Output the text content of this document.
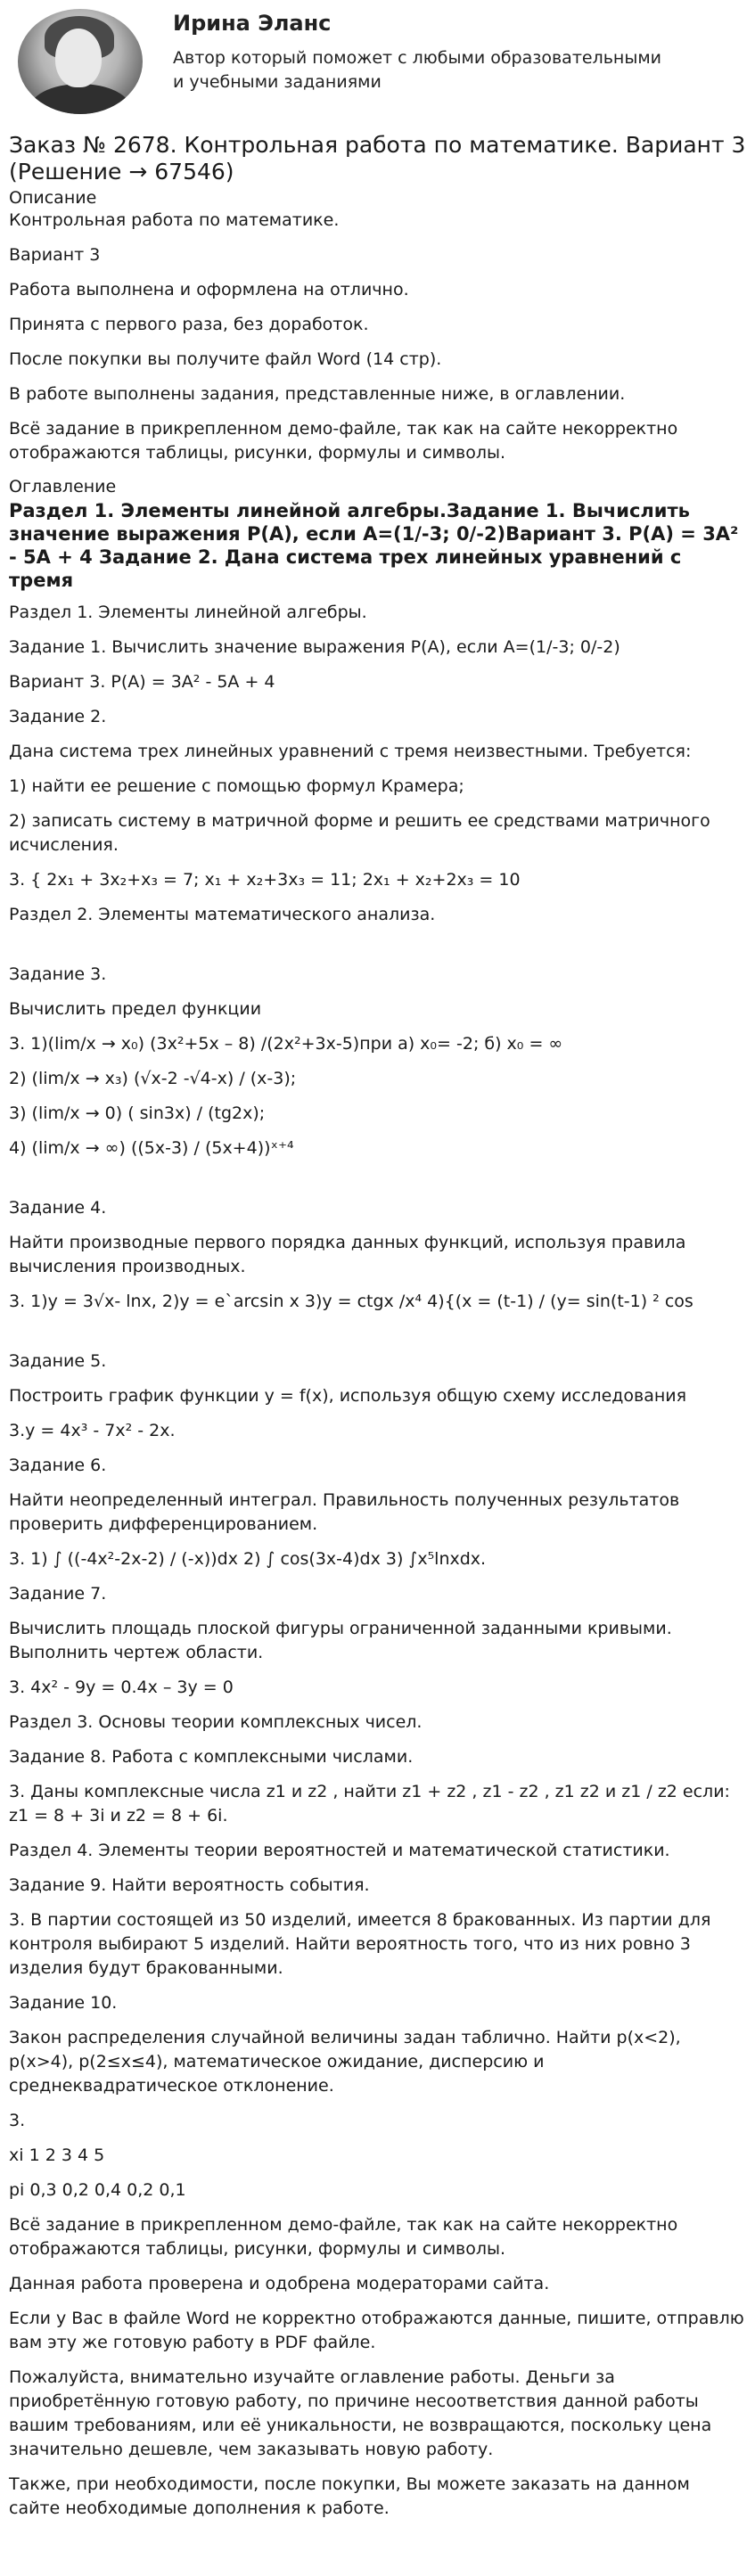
Ирина Эланс

Автор который поможет с любыми образовательными и учебными заданиями

Заказ № 2678. Контрольная работа по математике. Вариант 3 (Решение → 67546)
Описание

Контрольная работа по математике.

Вариант 3

Работа выполнена и оформлена на отлично.

Принята с первого раза, без доработок.

После покупки вы получите файл Word (14 стр).

В работе выполнены задания, представленные ниже, в оглавлении.

Всё задание в прикрепленном демо-файле, так как на сайте некорректно отображаются таблицы, рисунки, формулы и символы.

Оглавление
Раздел 1. Элементы линейной алгебры.Задание 1. Вычислить значение выражения P(A), если A=(1/-3; 0/-2)Вариант 3. P(A) = 3A² - 5A + 4 Задание 2. Дана система трех линейных уравнений с тремя

Раздел 1. Элементы линейной алгебры.

Задание 1. Вычислить значение выражения P(A), если A=(1/-3; 0/-2)

Вариант 3. P(A) = 3A² - 5A + 4

Задание 2.

Дана система трех линейных уравнений с тремя неизвестными. Требуется:

1) найти ее решение с помощью формул Крамера;

2) записать систему в матричной форме и решить ее средствами матричного исчисления.

3. { 2x₁ + 3x₂+x₃ = 7; x₁ + x₂+3x₃ = 11; 2x₁ + x₂+2x₃ = 10

Раздел 2. Элементы математического анализа.

Задание 3.

Вычислить предел функции

3. 1)(lim/x → x₀) (3x²+5x – 8) /(2x²+3x-5)при а) x₀= -2; б) x₀ = ∞

2) (lim/x → x₃) (√x-2 -√4-x) / (x-3);

3) (lim/x → 0) ( sin3x) / (tg2x);

4) (lim/x → ∞) ((5x-3) / (5x+4))ˣ⁺⁴

Задание 4.

Найти производные первого порядка данных функций, используя правила вычисления производных.

3. 1)y = 3√x- lnx, 2)y = e`arcsin x 3)y = ctgx /x⁴ 4){(x = (t-1) / (y= sin(t-1) ² cos

Задание 5.

Построить график функции y = f(x), используя общую схему исследования

3.y = 4x³ - 7x² - 2x.

Задание 6.

Найти неопределенный интеграл. Правильность полученных результатов проверить дифференцированием.

3. 1) ∫ ((-4x²-2x-2) / (-x))dx 2) ∫ cos(3x-4)dx 3) ∫x⁵lnxdx.

Задание 7.

Вычислить площадь плоской фигуры ограниченной заданными кривыми. Выполнить чертеж области.

3. 4x² - 9y = 0.4x – 3y = 0

Раздел 3. Основы теории комплексных чисел.

Задание 8. Работа с комплексными числами.

3. Даны комплексные числа z1 и z2 , найти z1 + z2 , z1 - z2 , z1 z2 и z1 / z2 если: z1 = 8 + 3i и z2 = 8 + 6i.

Раздел 4. Элементы теории вероятностей и математической статистики.

Задание 9. Найти вероятность события.

3. В партии состоящей из 50 изделий, имеется 8 бракованных. Из партии для контроля выбирают 5 изделий. Найти вероятность того, что из них ровно 3 изделия будут бракованными.

Задание 10.

Закон распределения случайной величины задан таблично. Найти p(x<2), p(x>4), p(2≤x≤4), математическое ожидание, дисперсию и среднеквадратическое отклонение.

3.

xi 1 2 3 4 5

pi 0,3 0,2 0,4 0,2 0,1

Всё задание в прикрепленном демо-файле, так как на сайте некорректно отображаются таблицы, рисунки, формулы и символы.

Данная работа проверена и одобрена модераторами сайта.

Если у Вас в файле Word не корректно отображаются данные, пишите, отправлю вам эту же готовую работу в PDF файле.

Пожалуйста, внимательно изучайте оглавление работы. Деньги за приобретённую готовую работу, по причине несоответствия данной работы вашим требованиям, или её уникальности, не возвращаются, поскольку цена значительно дешевле, чем заказывать новую работу.

Также, при необходимости, после покупки, Вы можете заказать на данном сайте необходимые дополнения к работе.
